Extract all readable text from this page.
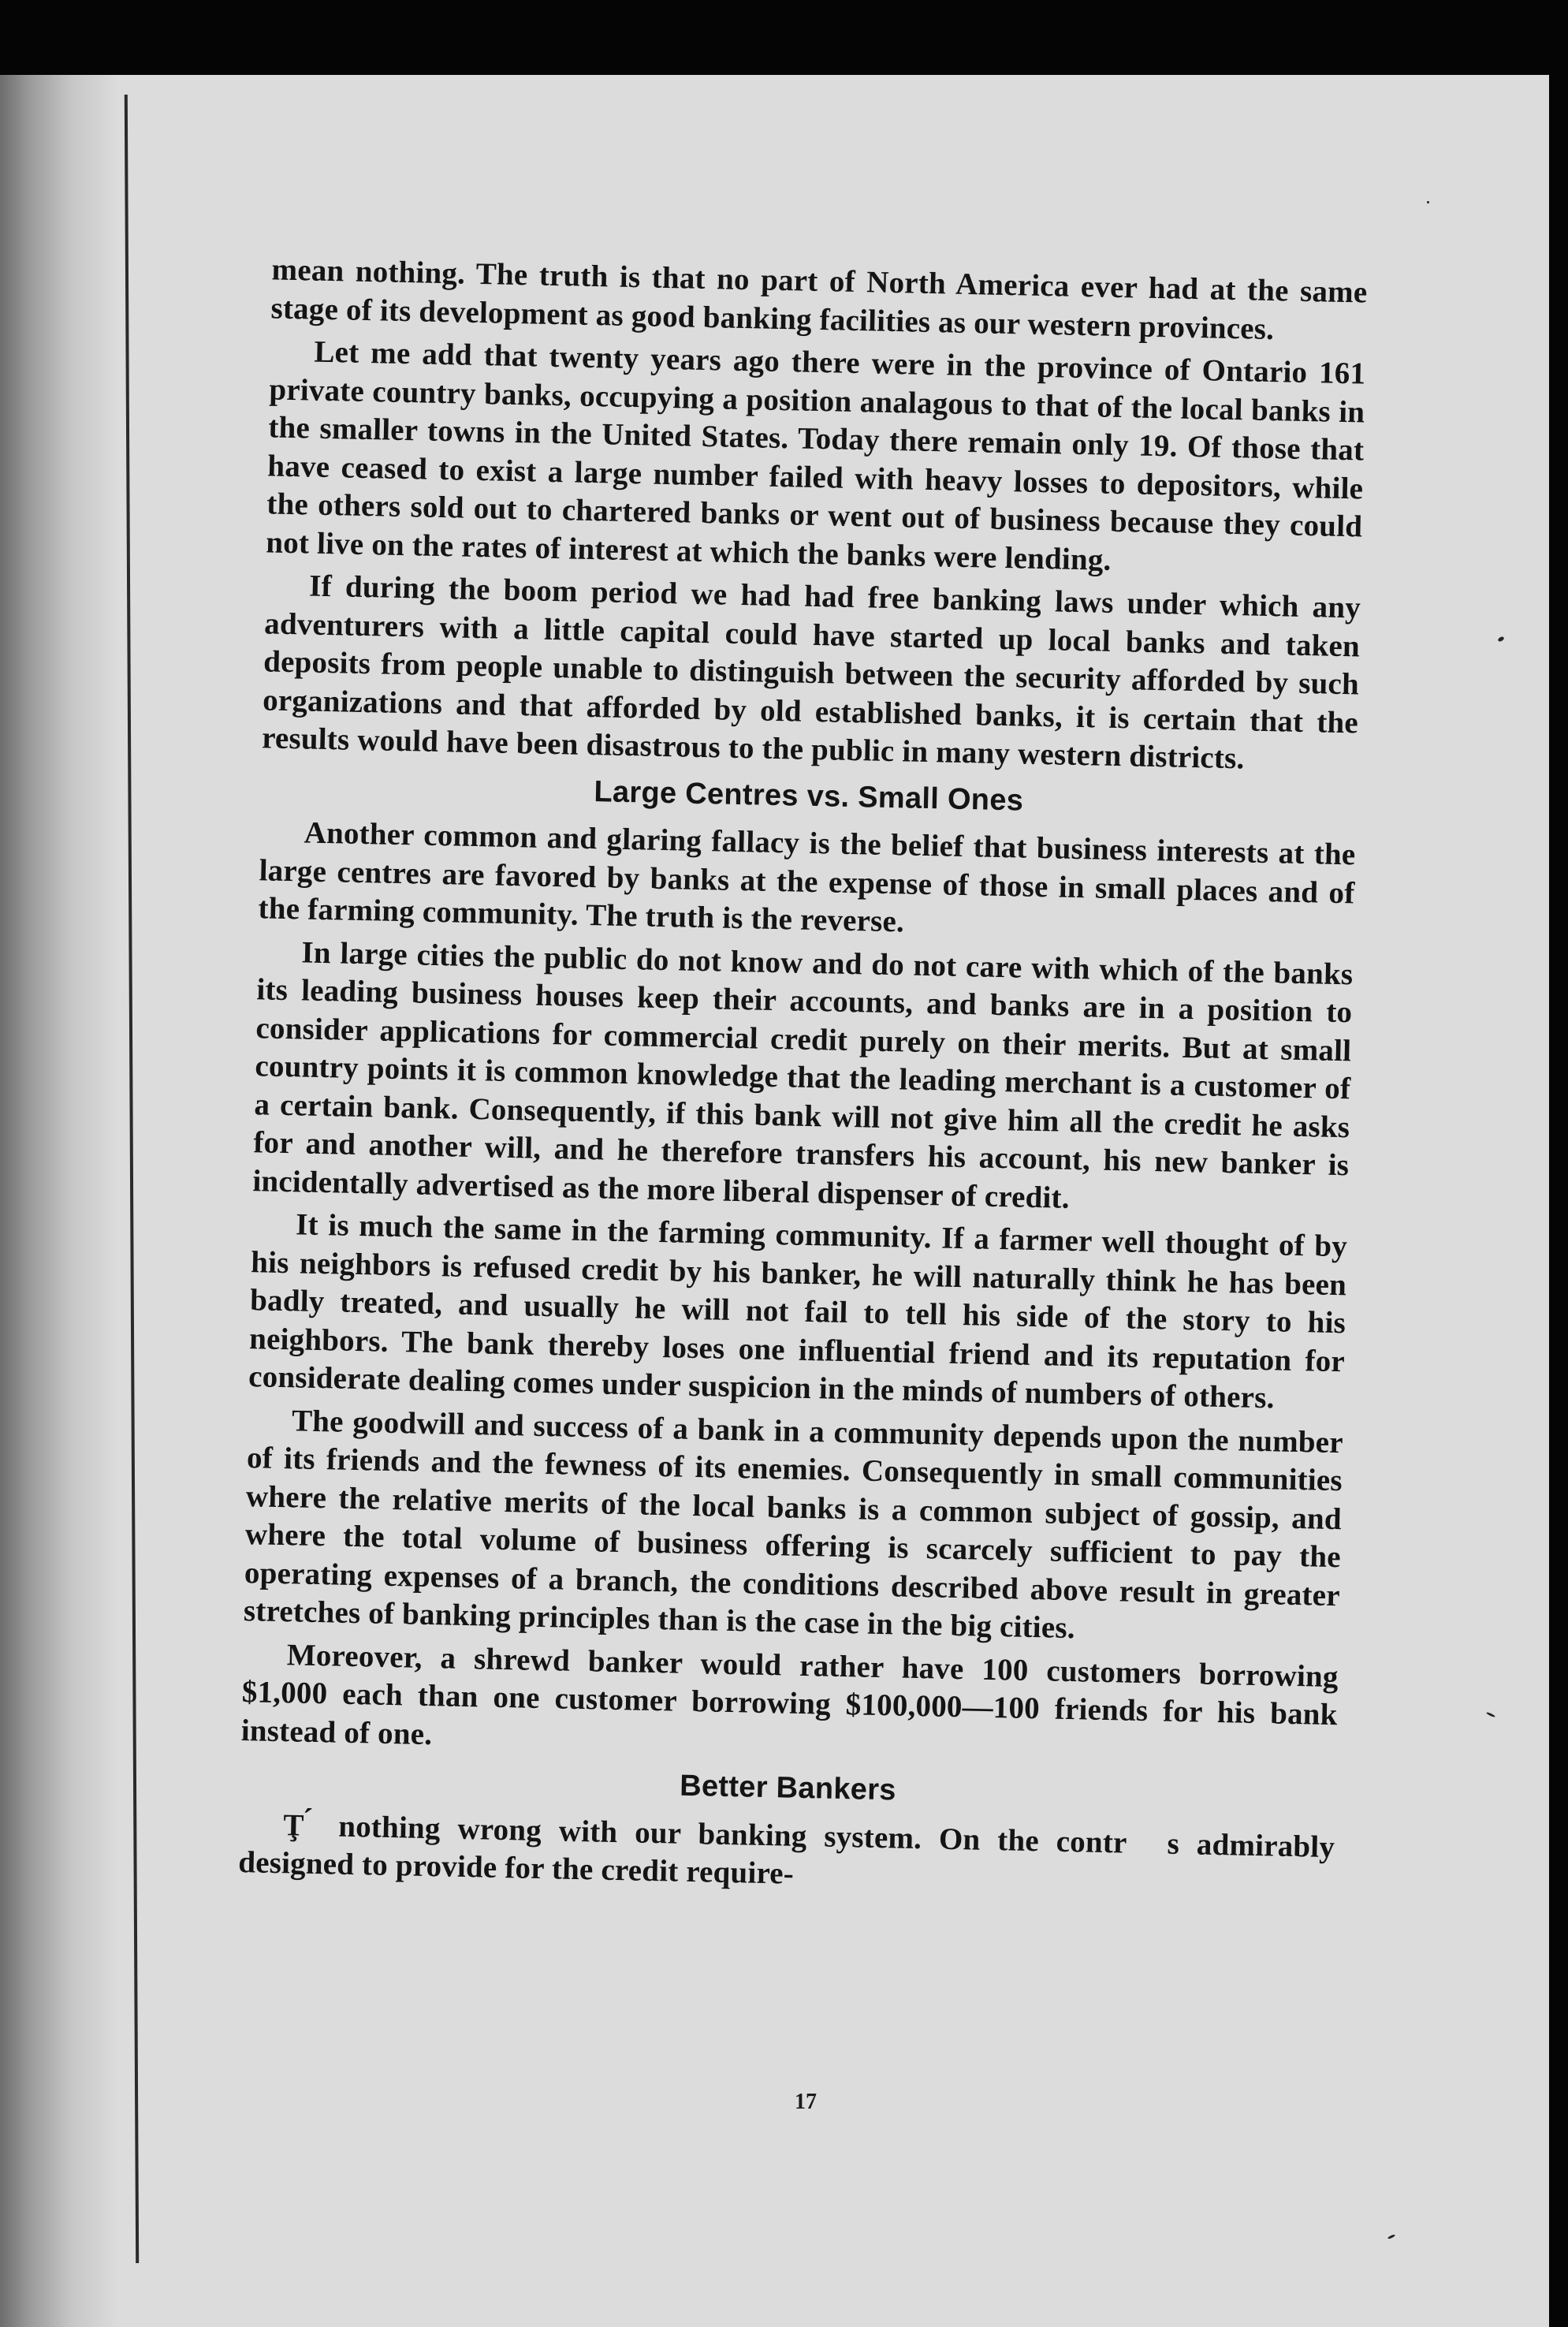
mean nothing. The truth is that no part of North America ever had at the same stage of its development as good banking facilities as our western provinces.

Let me add that twenty years ago there were in the province of Ontario 161 private country banks, occupying a position analagous to that of the local banks in the smaller towns in the United States. Today there remain only 19. Of those that have ceased to exist a large number failed with heavy losses to depositors, while the others sold out to chartered banks or went out of business because they could not live on the rates of interest at which the banks were lending.

If during the boom period we had had free banking laws under which any adventurers with a little capital could have started up local banks and taken deposits from people unable to distinguish between the security afforded by such organizations and that afforded by old established banks, it is certain that the results would have been disastrous to the public in many western districts.

Large Centres vs. Small Ones

Another common and glaring fallacy is the belief that business interests at the large centres are favored by banks at the expense of those in small places and of the farming community. The truth is the reverse.

In large cities the public do not know and do not care with which of the banks its leading business houses keep their accounts, and banks are in a position to consider applications for commercial credit purely on their merits. But at small country points it is common knowledge that the leading merchant is a customer of a certain bank. Consequently, if this bank will not give him all the credit he asks for and another will, and he therefore transfers his account, his new banker is incidentally advertised as the more liberal dispenser of credit.

It is much the same in the farming community. If a farmer well thought of by his neighbors is refused credit by his banker, he will naturally think he has been badly treated, and usually he will not fail to tell his side of the story to his neighbors. The bank thereby loses one influential friend and its reputation for considerate dealing comes under suspicion in the minds of numbers of others.

The goodwill and success of a bank in a community depends upon the number of its friends and the fewness of its enemies. Consequently in small communities where the relative merits of the local banks is a common subject of gossip, and where the total volume of business offering is scarcely sufficient to pay the operating expenses of a branch, the conditions described above result in greater stretches of banking principles than is the case in the big cities.

Moreover, a shrewd banker would rather have 100 customers borrowing $1,000 each than one customer borrowing $100,000—100 friends for his bank instead of one.

Better Bankers

Ţ ́ nothing wrong with our banking system. On the contr   s admirably designed to provide for the credit require-

17
